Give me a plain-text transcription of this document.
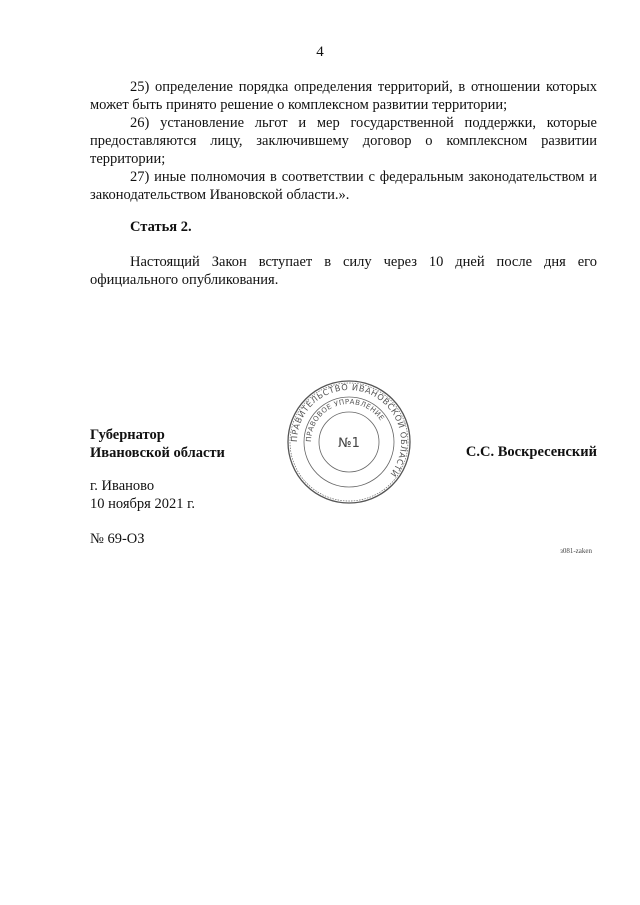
4

25) определение порядка определения территорий, в отношении которых может быть принято решение о комплексном развитии территории;

26) установление льгот и мер государственной поддержки, которые предоставляются лицу, заключившему договор о комплексном развитии территории;

27) иные полномочия в соответствии с федеральным законодательством и законодательством Ивановской области.».

Статья 2.

Настоящий Закон вступает в силу через 10 дней после дня его официального опубликования.

Губернатор
Ивановской области
ПРАВИТЕЛЬСТВО ИВАНОВСКОЙ ОБЛАСТИ
ПРАВОВОЕ УПРАВЛЕНИЕ
№1
С.С. Воскресенский
г. Иваново
10 ноября 2021 г.
№ 69-ОЗ
з081-zaken
